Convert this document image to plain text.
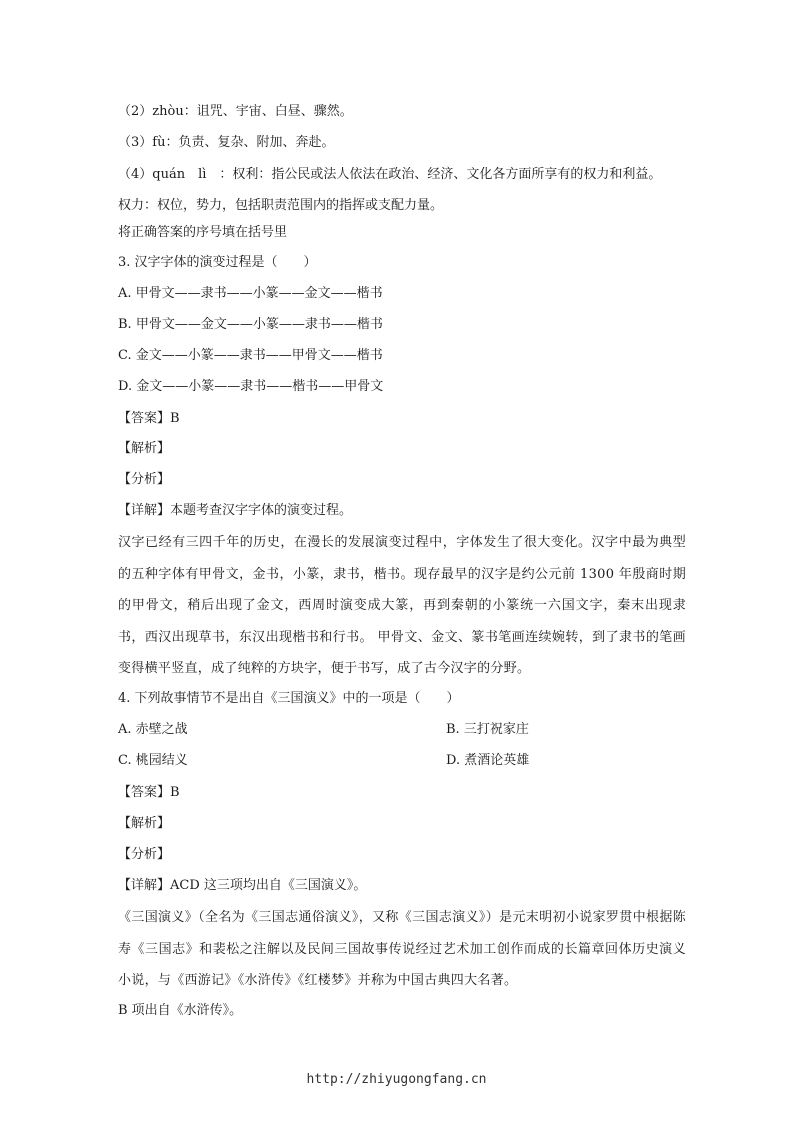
（2）zhòu：诅咒、宇宙、白昼、骤然。
（3）fù：负责、复杂、附加、奔赴。
（4）quán　lì　：权利：指公民或法人依法在政治、经济、文化各方面所享有的权力和利益。
权力：权位，势力，包括职责范围内的指挥或支配力量。
将正确答案的序号填在括号里
3. 汉字字体的演变过程是（　　）
A. 甲骨文——隶书——小篆——金文——楷书
B. 甲骨文——金文——小篆——隶书——楷书
C. 金文——小篆——隶书——甲骨文——楷书
D. 金文——小篆——隶书——楷书——甲骨文
【答案】B
【解析】
【分析】
【详解】本题考查汉字字体的演变过程。

汉字已经有三四千年的历史，在漫长的发展演变过程中，字体发生了很大变化。汉字中最为典型的五种字体有甲骨文，金书，小篆，隶书，楷书。现存最早的汉字是约公元前 1300 年殷商时期的甲骨文，稍后出现了金文，西周时演变成大篆，再到秦朝的小篆统一六国文字，秦末出现隶书，西汉出现草书，东汉出现楷书和行书。 甲骨文、金文、篆书笔画连续婉转，到了隶书的笔画变得横平竖直，成了纯粹的方块字，便于书写，成了古今汉字的分野。

4. 下列故事情节不是出自《三国演义》中的一项是（　　）
A. 赤壁之战	B. 三打祝家庄
C. 桃园结义	D. 煮酒论英雄
【答案】B
【解析】
【分析】
【详解】ACD 这三项均出自《三国演义》。

《三国演义》（全名为《三国志通俗演义》，又称《三国志演义》）是元末明初小说家罗贯中根据陈寿《三国志》和裴松之注解以及民间三国故事传说经过艺术加工创作而成的长篇章回体历史演义小说，与《西游记》《水浒传》《红楼梦》并称为中国古典四大名著。

B 项出自《水浒传》。
http://zhiyugongfang.cn
